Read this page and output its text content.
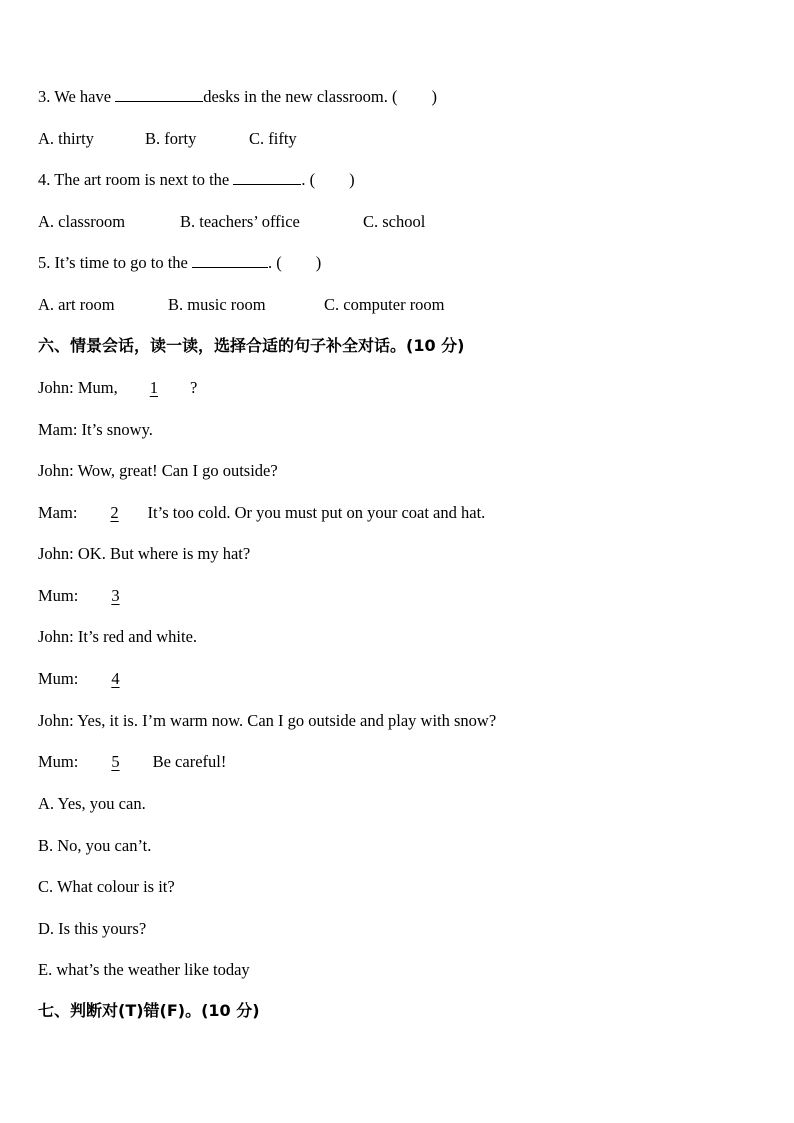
3. We have	desks in the new classroom. ( )
A. thirty	B. forty	C. fifty
4. The art room is next to the	. ( )
A. classroom	B. teachers’ office	C. school
5. It’s time to go to the	. ( )
A. art room	B. music room	C. computer room
六、情景会话，读一读，选择合适的句子补全对话。(10 分)
John: Mum, 1 ?
Mam: It’s snowy.
John: Wow, great! Can I go outside?
Mam: 2 It’s too cold. Or you must put on your coat and hat.
John: OK. But where is my hat?
Mum: 3
John: It’s red and white.
Mum: 4
John: Yes, it is. I’m warm now. Can I go outside and play with snow?
Mum: 5 Be careful!
A. Yes, you can.
B. No, you can’t.
C. What colour is it?
D. Is this yours?
E. what’s the weather like today
七、判断对(T)错(F)。(10 分)
